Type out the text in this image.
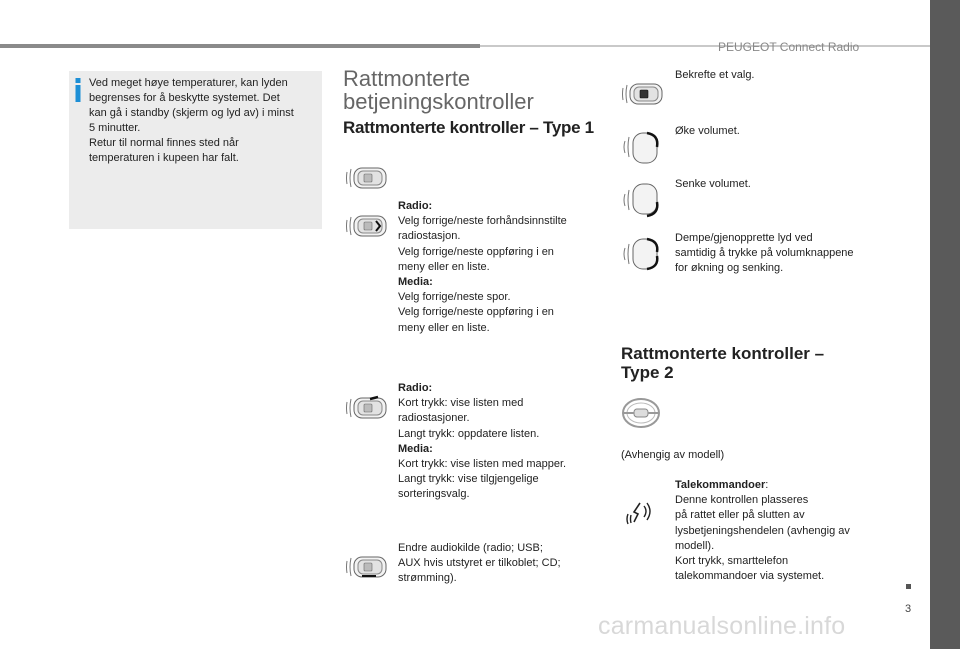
PEUGEOT Connect Radio
Ved meget høye temperaturer, kan lyden
begrenses for å beskytte systemet. Det
kan gå i standby (skjerm og lyd av) i minst
5 minutter.
Retur til normal finnes sted når
temperaturen i kupeen har falt.
Rattmonterte
betjeningskontroller
Rattmonterte kontroller – Type 1
Radio:
Velg forrige/neste forhåndsinnstilte
radiostasjon.
Velg forrige/neste oppføring i en
meny eller en liste.
Media:
Velg forrige/neste spor.
Velg forrige/neste oppføring i en
meny eller en liste.
Radio:
Kort trykk: vise listen med
radiostasjoner.
Langt trykk: oppdatere listen.
Media:
Kort trykk: vise listen med mapper.
Langt trykk: vise tilgjengelige
sorteringsvalg.
Endre audiokilde (radio; USB;
AUX hvis utstyret er tilkoblet; CD;
strømming).
Bekrefte et valg.
Øke volumet.
Senke volumet.
Dempe/gjenopprette lyd ved
samtidig å trykke på volumknappene
for økning og senking.
Rattmonterte kontroller –
Type 2
(Avhengig av modell)
Talekommandoer:
Denne kontrollen plasseres
på rattet eller på slutten av
lysbetjeningshendelen (avhengig av
modell).
Kort trykk, smarttelefon
talekommandoer via systemet.
3
carmanualsonline.info
